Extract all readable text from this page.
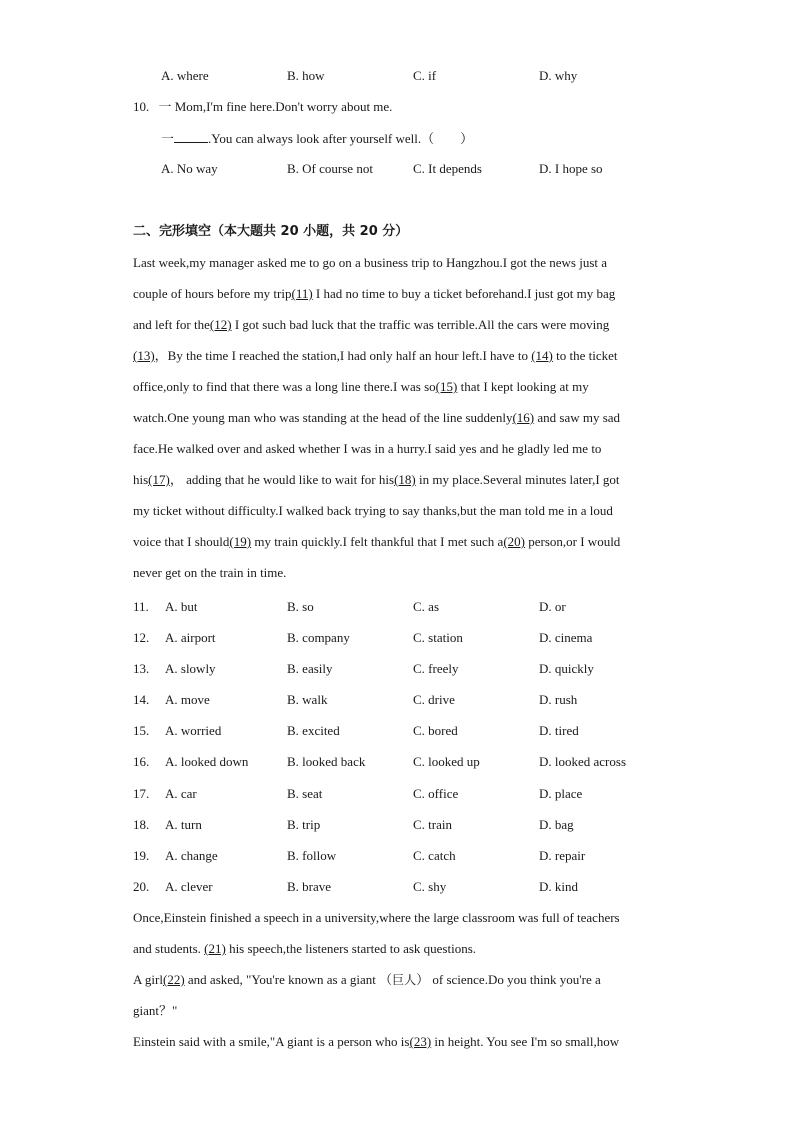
A. where	B. how	C. if	D. why
10. 一 Mom,I'm fine here.Don't worry about me.
一	.You can always look after yourself well.（　　）
A. No way	B. Of course not	C. It depends	D. I hope so
二、完形填空（本大题共 20 小题，共 20 分）
Last week,my manager asked me to go on a business trip to Hangzhou.I got the news just a
couple of hours before my trip(11) I had no time to buy a ticket beforehand.I just got my bag
and left for the(12) I got such bad luck that the traffic was terrible.All the cars were moving
(13)，By the time I reached the station,I had only half an hour left.I have to (14) to the ticket
office,only to find that there was a long line there.I was so(15) that I kept looking at my
watch.One young man who was standing at the head of the line suddenly(16) and saw my sad
face.He walked over and asked whether I was in a hurry.I said yes and he gladly led me to
his(17)， adding that he would like to wait for his(18) in my place.Several minutes later,I got
my ticket without difficulty.I walked back trying to say thanks,but the man told me in a loud
voice that I should(19) my train quickly.I felt thankful that I met such a(20) person,or I would
never get on the train in time.
11. A. but	B. so	C. as	D. or
12. A. airport	B. company	C. station	D. cinema
13. A. slowly	B. easily	C. freely	D. quickly
14. A. move	B. walk	C. drive	D. rush
15. A. worried	B. excited	C. bored	D. tired
16. A. looked down	B. looked back	C. looked up	D. looked across
17. A. car	B. seat	C. office	D. place
18. A. turn	B. trip	C. train	D. bag
19. A. change	B. follow	C. catch	D. repair
20. A. clever	B. brave	C. shy	D. kind
Once,Einstein finished a speech in a university,where the large classroom was full of teachers
and students. (21) his speech,the listeners started to ask questions.
A girl(22) and asked, "You're known as a giant （巨人） of science.Do you think you're a
giant？"
Einstein said with a smile,"A giant is a person who is(23) in height. You see I'm so small,how
